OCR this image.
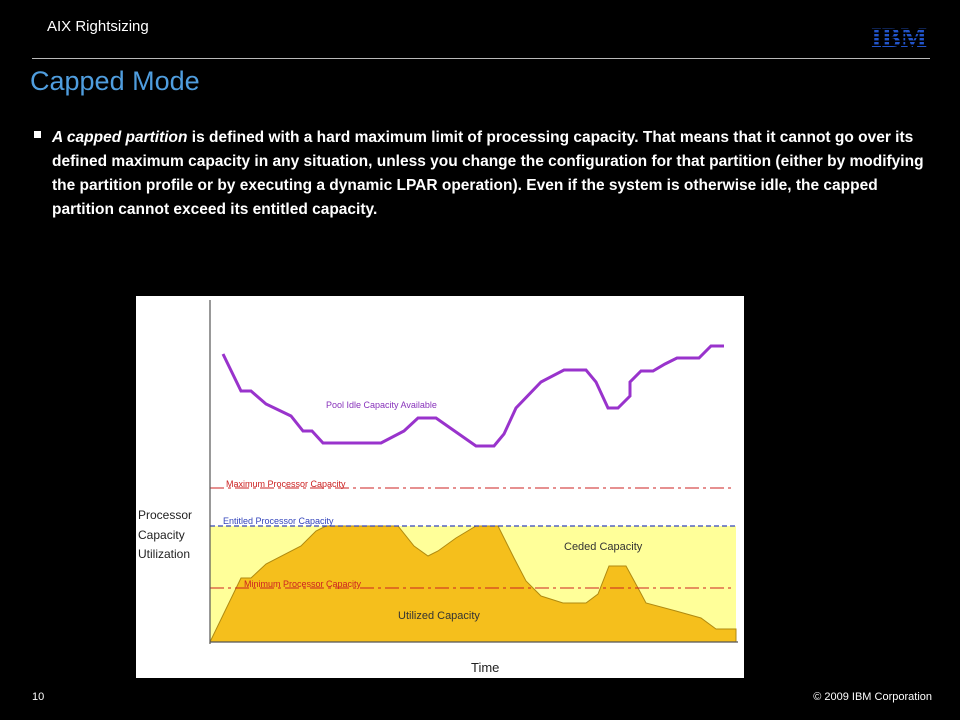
AIX Rightsizing
Capped Mode
A capped partition is defined with a hard maximum limit of processing capacity. That means that it cannot go over its defined maximum capacity in any situation, unless you change the configuration for that partition (either by modifying the partition profile or by executing a dynamic LPAR operation). Even if the system is otherwise idle, the capped partition cannot exceed its entitled capacity.
Processor
Capacity
Utilization
Time
Pool Idle Capacity Available
Maximum Processor Capacity
Entitled Processor Capacity
Minimum Processor Capacity
Ceded Capacity
Utilized Capacity
10	© 2009 IBM Corporation
